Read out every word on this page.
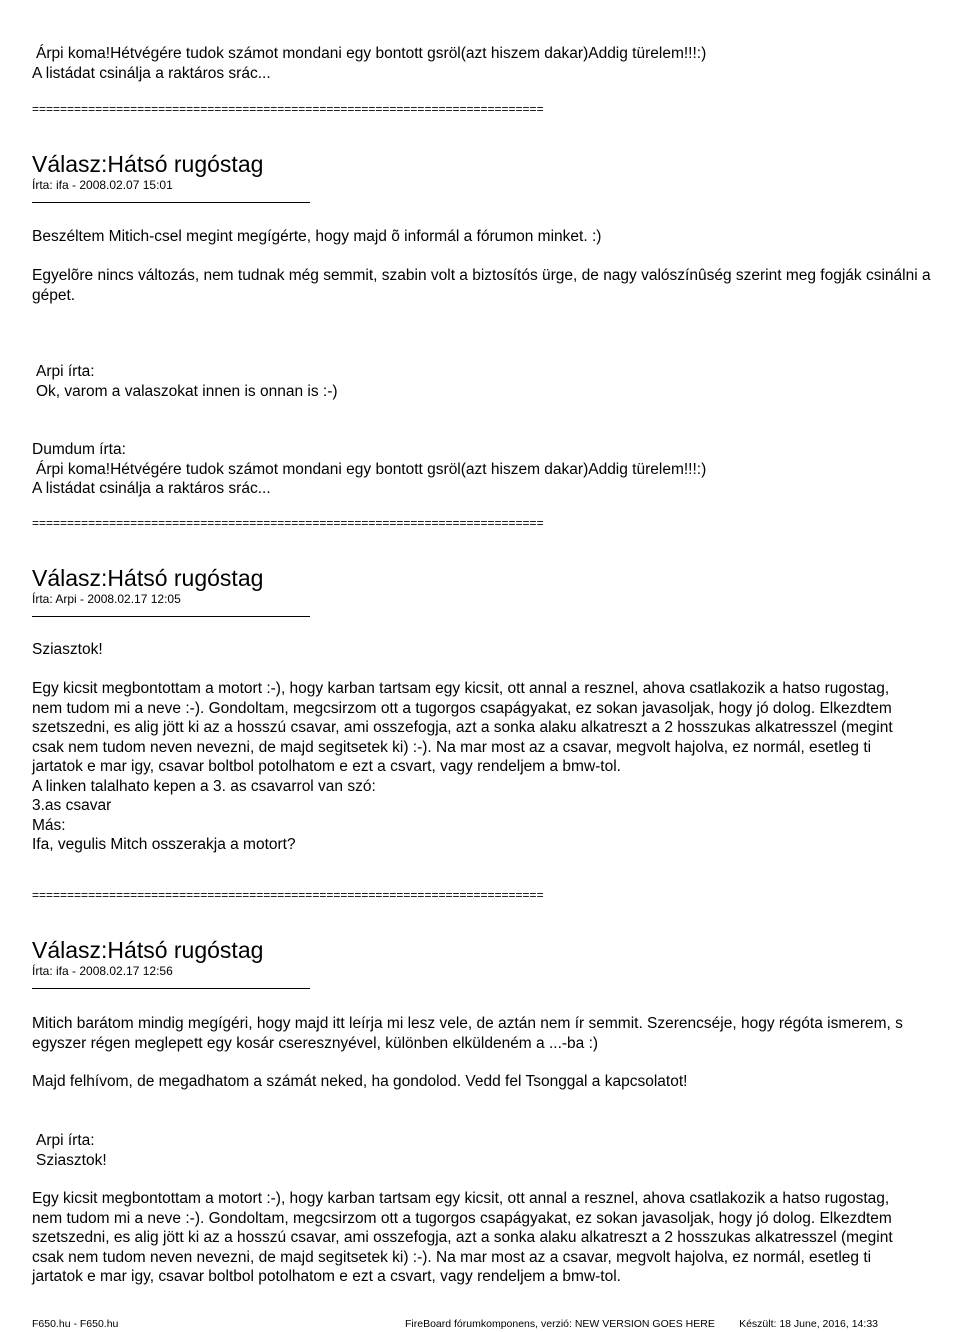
Árpi koma!Hétvégére tudok számot mondani egy bontott gsröl(azt hiszem dakar)Addig türelem!!!:)

A listádat csinálja a raktáros srác...

=========================================================================

Válasz:Hátsó rugóstag

Írta: ifa - 2008.02.07 15:01

Beszéltem Mitich-csel megint megígérte, hogy majd õ informál a fórumon minket. :)

Egyelõre nincs változás, nem tudnak még semmit, szabin volt a biztosítós ürge, de nagy valószínûség szerint meg fogják csinálni a gépet.

Arpi írta:

Ok, varom a valaszokat innen is onnan is :-)

Dumdum írta:

Árpi koma!Hétvégére tudok számot mondani egy bontott gsröl(azt hiszem dakar)Addig türelem!!!:)

A listádat csinálja a raktáros srác...

=========================================================================

Válasz:Hátsó rugóstag

Írta: Arpi - 2008.02.17 12:05

Sziasztok!

Egy kicsit megbontottam a motort :-), hogy karban tartsam egy kicsit, ott annal a resznel, ahova csatlakozik a hatso rugostag, nem tudom mi a neve :-). Gondoltam, megcsirzom ott a tugorgos csapágyakat, ez sokan javasoljak, hogy jó dolog. Elkezdtem szetszedni, es alig jött ki az a hosszú csavar, ami osszefogja, azt a sonka alaku alkatreszt a 2 hosszukas alkatresszel (megint csak nem tudom neven nevezni, de majd segitsetek ki) :-). Na mar most az a csavar, megvolt hajolva, ez normál, esetleg ti jartatok e mar igy, csavar boltbol potolhatom e ezt a csvart, vagy rendeljem a bmw-tol.

A linken talalhato kepen a 3. as csavarrol van szó:

3.as csavar

Más:

Ifa, vegulis Mitch osszerakja a motort?

=========================================================================

Válasz:Hátsó rugóstag

Írta: ifa - 2008.02.17 12:56

Mitich barátom mindig megígéri, hogy majd itt leírja mi lesz vele, de aztán nem ír semmit. Szerencséje, hogy régóta ismerem, s egyszer régen meglepett egy kosár cseresznyével, különben elküldeném a ...-ba :)

Majd felhívom, de megadhatom a számát neked, ha gondolod. Vedd fel Tsonggal a kapcsolatot!

Arpi írta:

Sziasztok!

Egy kicsit megbontottam a motort :-), hogy karban tartsam egy kicsit, ott annal a resznel, ahova csatlakozik a hatso rugostag, nem tudom mi a neve :-). Gondoltam, megcsirzom ott a tugorgos csapágyakat, ez sokan javasoljak, hogy jó dolog. Elkezdtem szetszedni, es alig jött ki az a hosszú csavar, ami osszefogja, azt a sonka alaku alkatreszt a 2 hosszukas alkatresszel (megint csak nem tudom neven nevezni, de majd segitsetek ki) :-). Na mar most az a csavar, megvolt hajolva, ez normál, esetleg ti jartatok e mar igy, csavar boltbol potolhatom e ezt a csvart, vagy rendeljem a bmw-tol.

F650.hu - F650.hu	FireBoard fórumkomponens, verzió: NEW VERSION GOES HERE Készült: 18 June, 2016, 14:33
